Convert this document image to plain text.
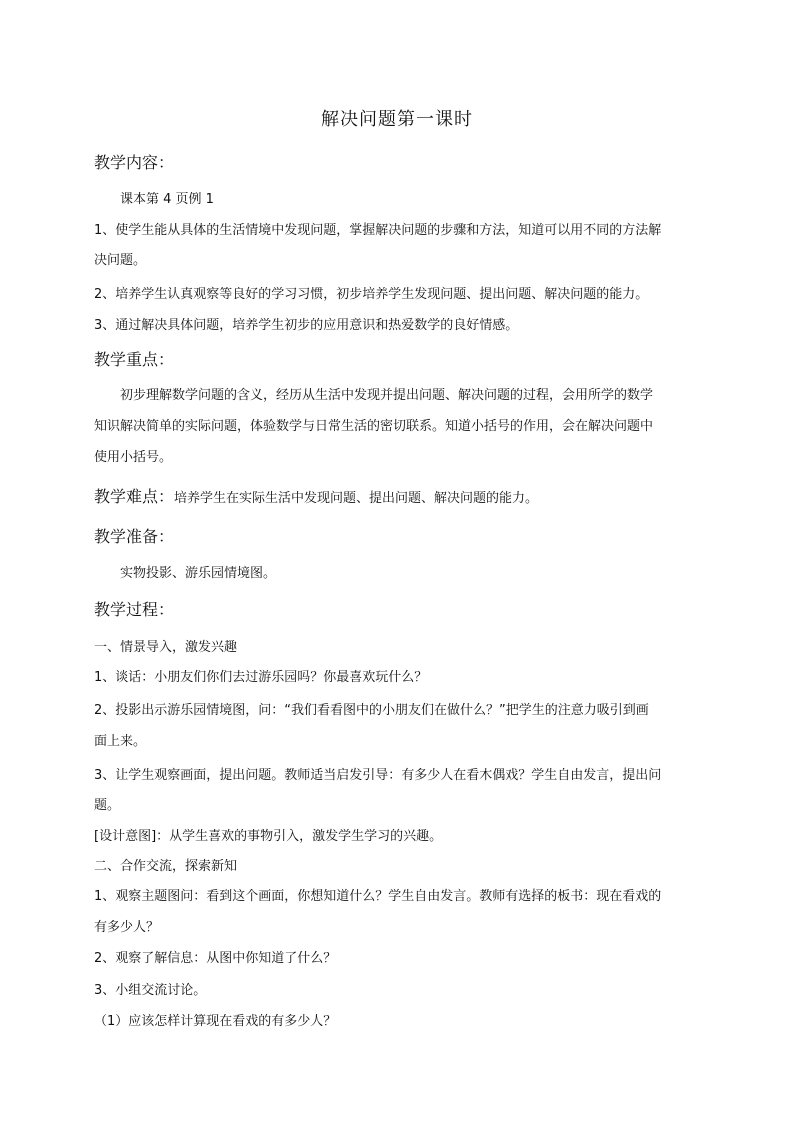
解决问题第一课时
教学内容：
课本第 4 页例 1
1、使学生能从具体的生活情境中发现问题，掌握解决问题的步骤和方法，知道可以用不同的方法解
决问题。
2、培养学生认真观察等良好的学习习惯，初步培养学生发现问题、提出问题、解决问题的能力。
3、通过解决具体问题，培养学生初步的应用意识和热爱数学的良好情感。
教学重点：
初步理解数学问题的含义，经历从生活中发现并提出问题、解决问题的过程，会用所学的数学
知识解决简单的实际问题，体验数学与日常生活的密切联系。知道小括号的作用，会在解决问题中
使用小括号。
教学难点：培养学生在实际生活中发现问题、提出问题、解决问题的能力。
教学准备：
实物投影、游乐园情境图。
教学过程：
一、情景导入，激发兴趣
1、谈话：小朋友们你们去过游乐园吗？你最喜欢玩什么？
2、投影出示游乐园情境图，问：“我们看看图中的小朋友们在做什么？”把学生的注意力吸引到画
面上来。
3、让学生观察画面，提出问题。教师适当启发引导：有多少人在看木偶戏？学生自由发言，提出问
题。
[设计意图]：从学生喜欢的事物引入，激发学生学习的兴趣。
二、合作交流，探索新知
1、观察主题图问：看到这个画面，你想知道什么？学生自由发言。教师有选择的板书：现在看戏的
有多少人？
2、观察了解信息：从图中你知道了什么？
3、小组交流讨论。
（1）应该怎样计算现在看戏的有多少人？
